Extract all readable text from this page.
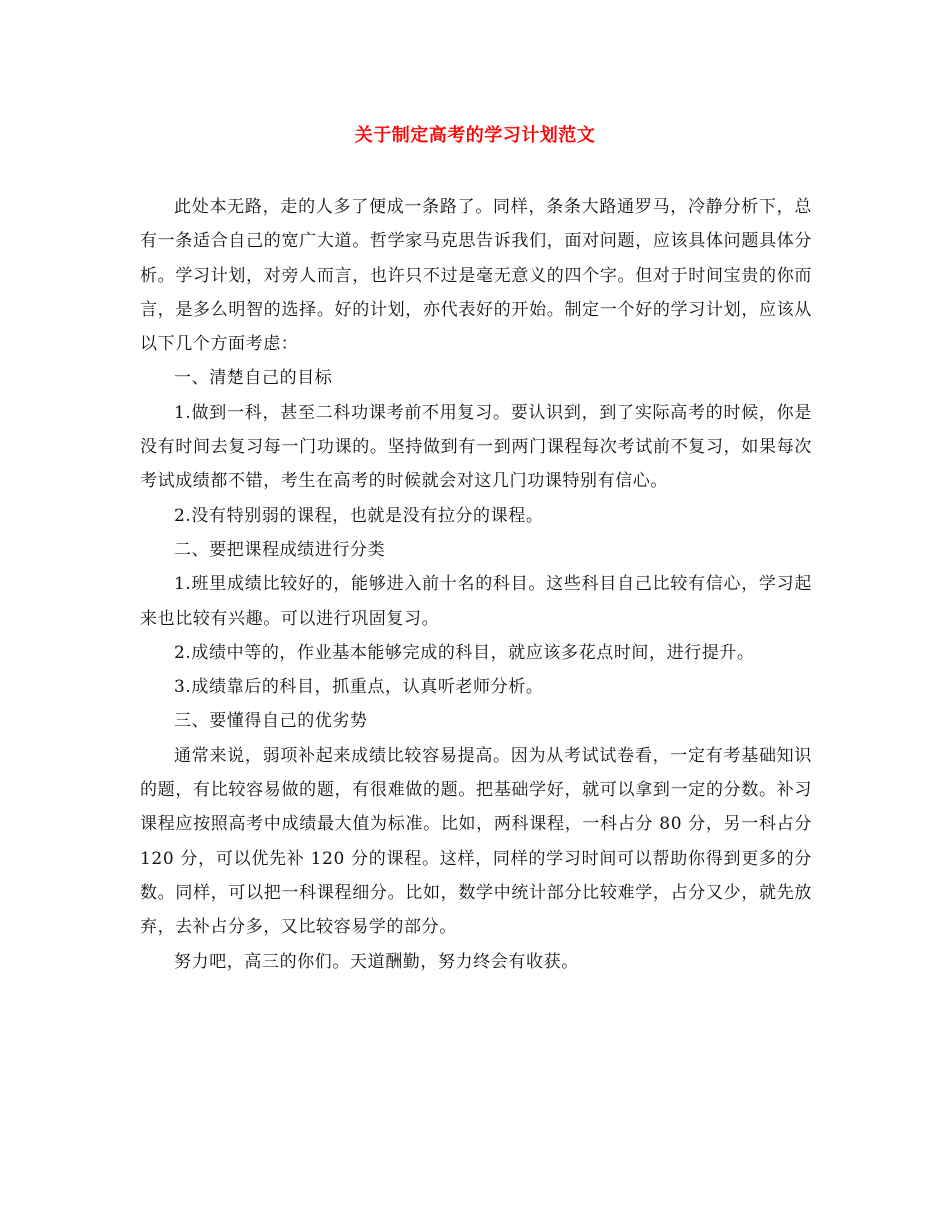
关于制定高考的学习计划范文

此处本无路，走的人多了便成一条路了。同样，条条大路通罗马，冷静分析下，总有一条适合自己的宽广大道。哲学家马克思告诉我们，面对问题，应该具体问题具体分析。学习计划，对旁人而言，也许只不过是毫无意义的四个字。但对于时间宝贵的你而言，是多么明智的选择。好的计划，亦代表好的开始。制定一个好的学习计划，应该从以下几个方面考虑：

一、清楚自己的目标

1.做到一科，甚至二科功课考前不用复习。要认识到，到了实际高考的时候，你是没有时间去复习每一门功课的。坚持做到有一到两门课程每次考试前不复习，如果每次考试成绩都不错，考生在高考的时候就会对这几门功课特别有信心。

2.没有特别弱的课程，也就是没有拉分的课程。

二、要把课程成绩进行分类

1.班里成绩比较好的，能够进入前十名的科目。这些科目自己比较有信心，学习起来也比较有兴趣。可以进行巩固复习。

2.成绩中等的，作业基本能够完成的科目，就应该多花点时间，进行提升。

3.成绩靠后的科目，抓重点，认真听老师分析。

三、要懂得自己的优劣势

通常来说，弱项补起来成绩比较容易提高。因为从考试试卷看，一定有考基础知识的题，有比较容易做的题，有很难做的题。把基础学好，就可以拿到一定的分数。补习课程应按照高考中成绩最大值为标准。比如，两科课程，一科占分 80 分，另一科占分 120 分，可以优先补 120 分的课程。这样，同样的学习时间可以帮助你得到更多的分数。同样，可以把一科课程细分。比如，数学中统计部分比较难学，占分又少，就先放弃，去补占分多，又比较容易学的部分。

努力吧，高三的你们。天道酬勤，努力终会有收获。
